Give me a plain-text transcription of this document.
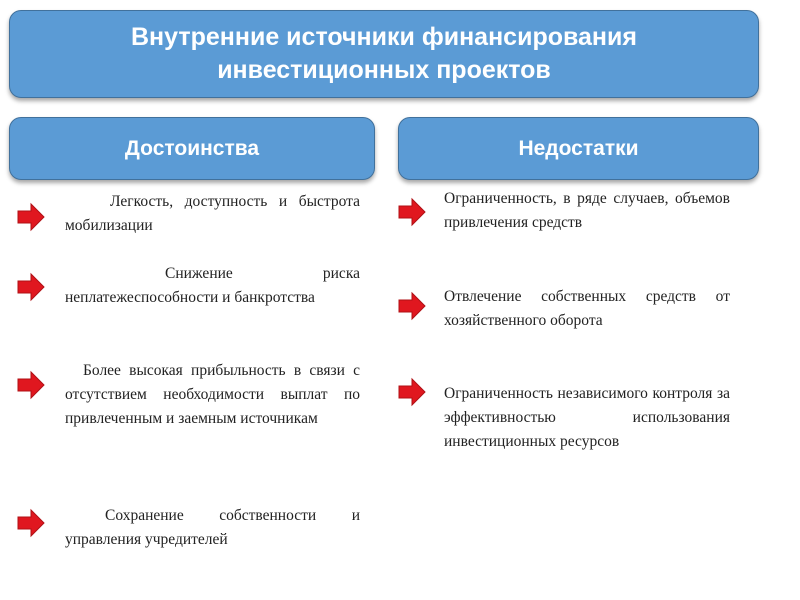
Внутренние источники финансирования инвестиционных проектов
Достоинства	Недостатки
Легкость, доступность и быстрота мобилизации
Снижение риска неплатежеспособности и банкротства
Более высокая прибыльность в связи с отсутствием необходимости выплат по привлеченным и заемным источникам
Сохранение собственности и управления учредителей
Ограниченность, в ряде случаев, объемов привлечения средств
Отвлечение собственных средств от хозяйственного оборота
Ограниченность независимого контроля за эффективностью использования инвестиционных ресурсов
